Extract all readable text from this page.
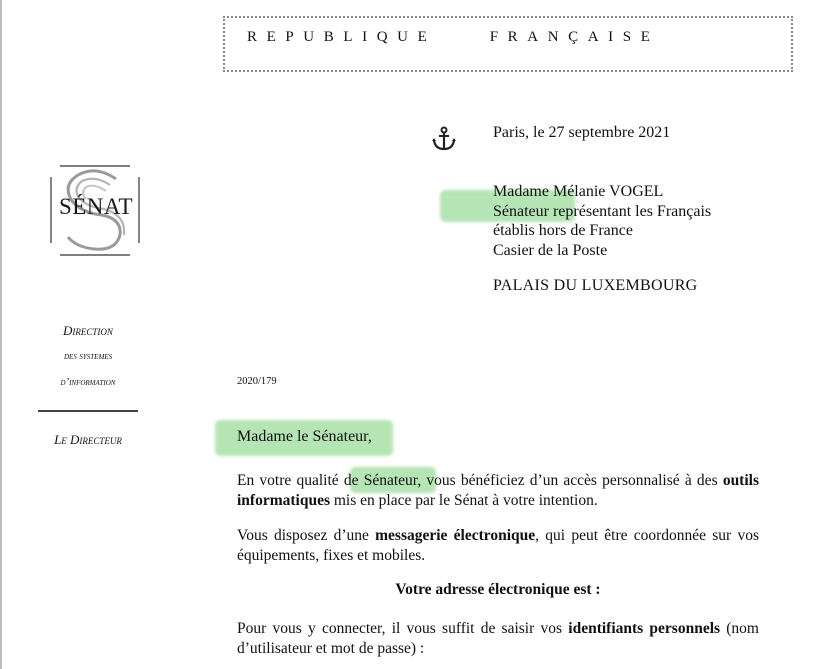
REPUBLIQUE    FRANÇAISE
Paris, le 27 septembre 2021
Madame Mélanie VOGEL
Sénateur représentant les Français
établis hors de France
Casier de la Poste
PALAIS DU LUXEMBOURG
SÉNAT
Direction
des systemes
d’information
Le Directeur
2020/179
Madame le Sénateur,
En votre qualité de Sénateur, vous bénéficiez d’un accès personnalisé à des outils informatiques mis en place par le Sénat à votre intention.
Vous disposez d’une messagerie électronique, qui peut être coordonnée sur vos équipements, fixes et mobiles.
Votre adresse électronique est :
Pour vous y connecter, il vous suffit de saisir vos identifiants personnels (nom d’utilisateur et mot de passe) :
